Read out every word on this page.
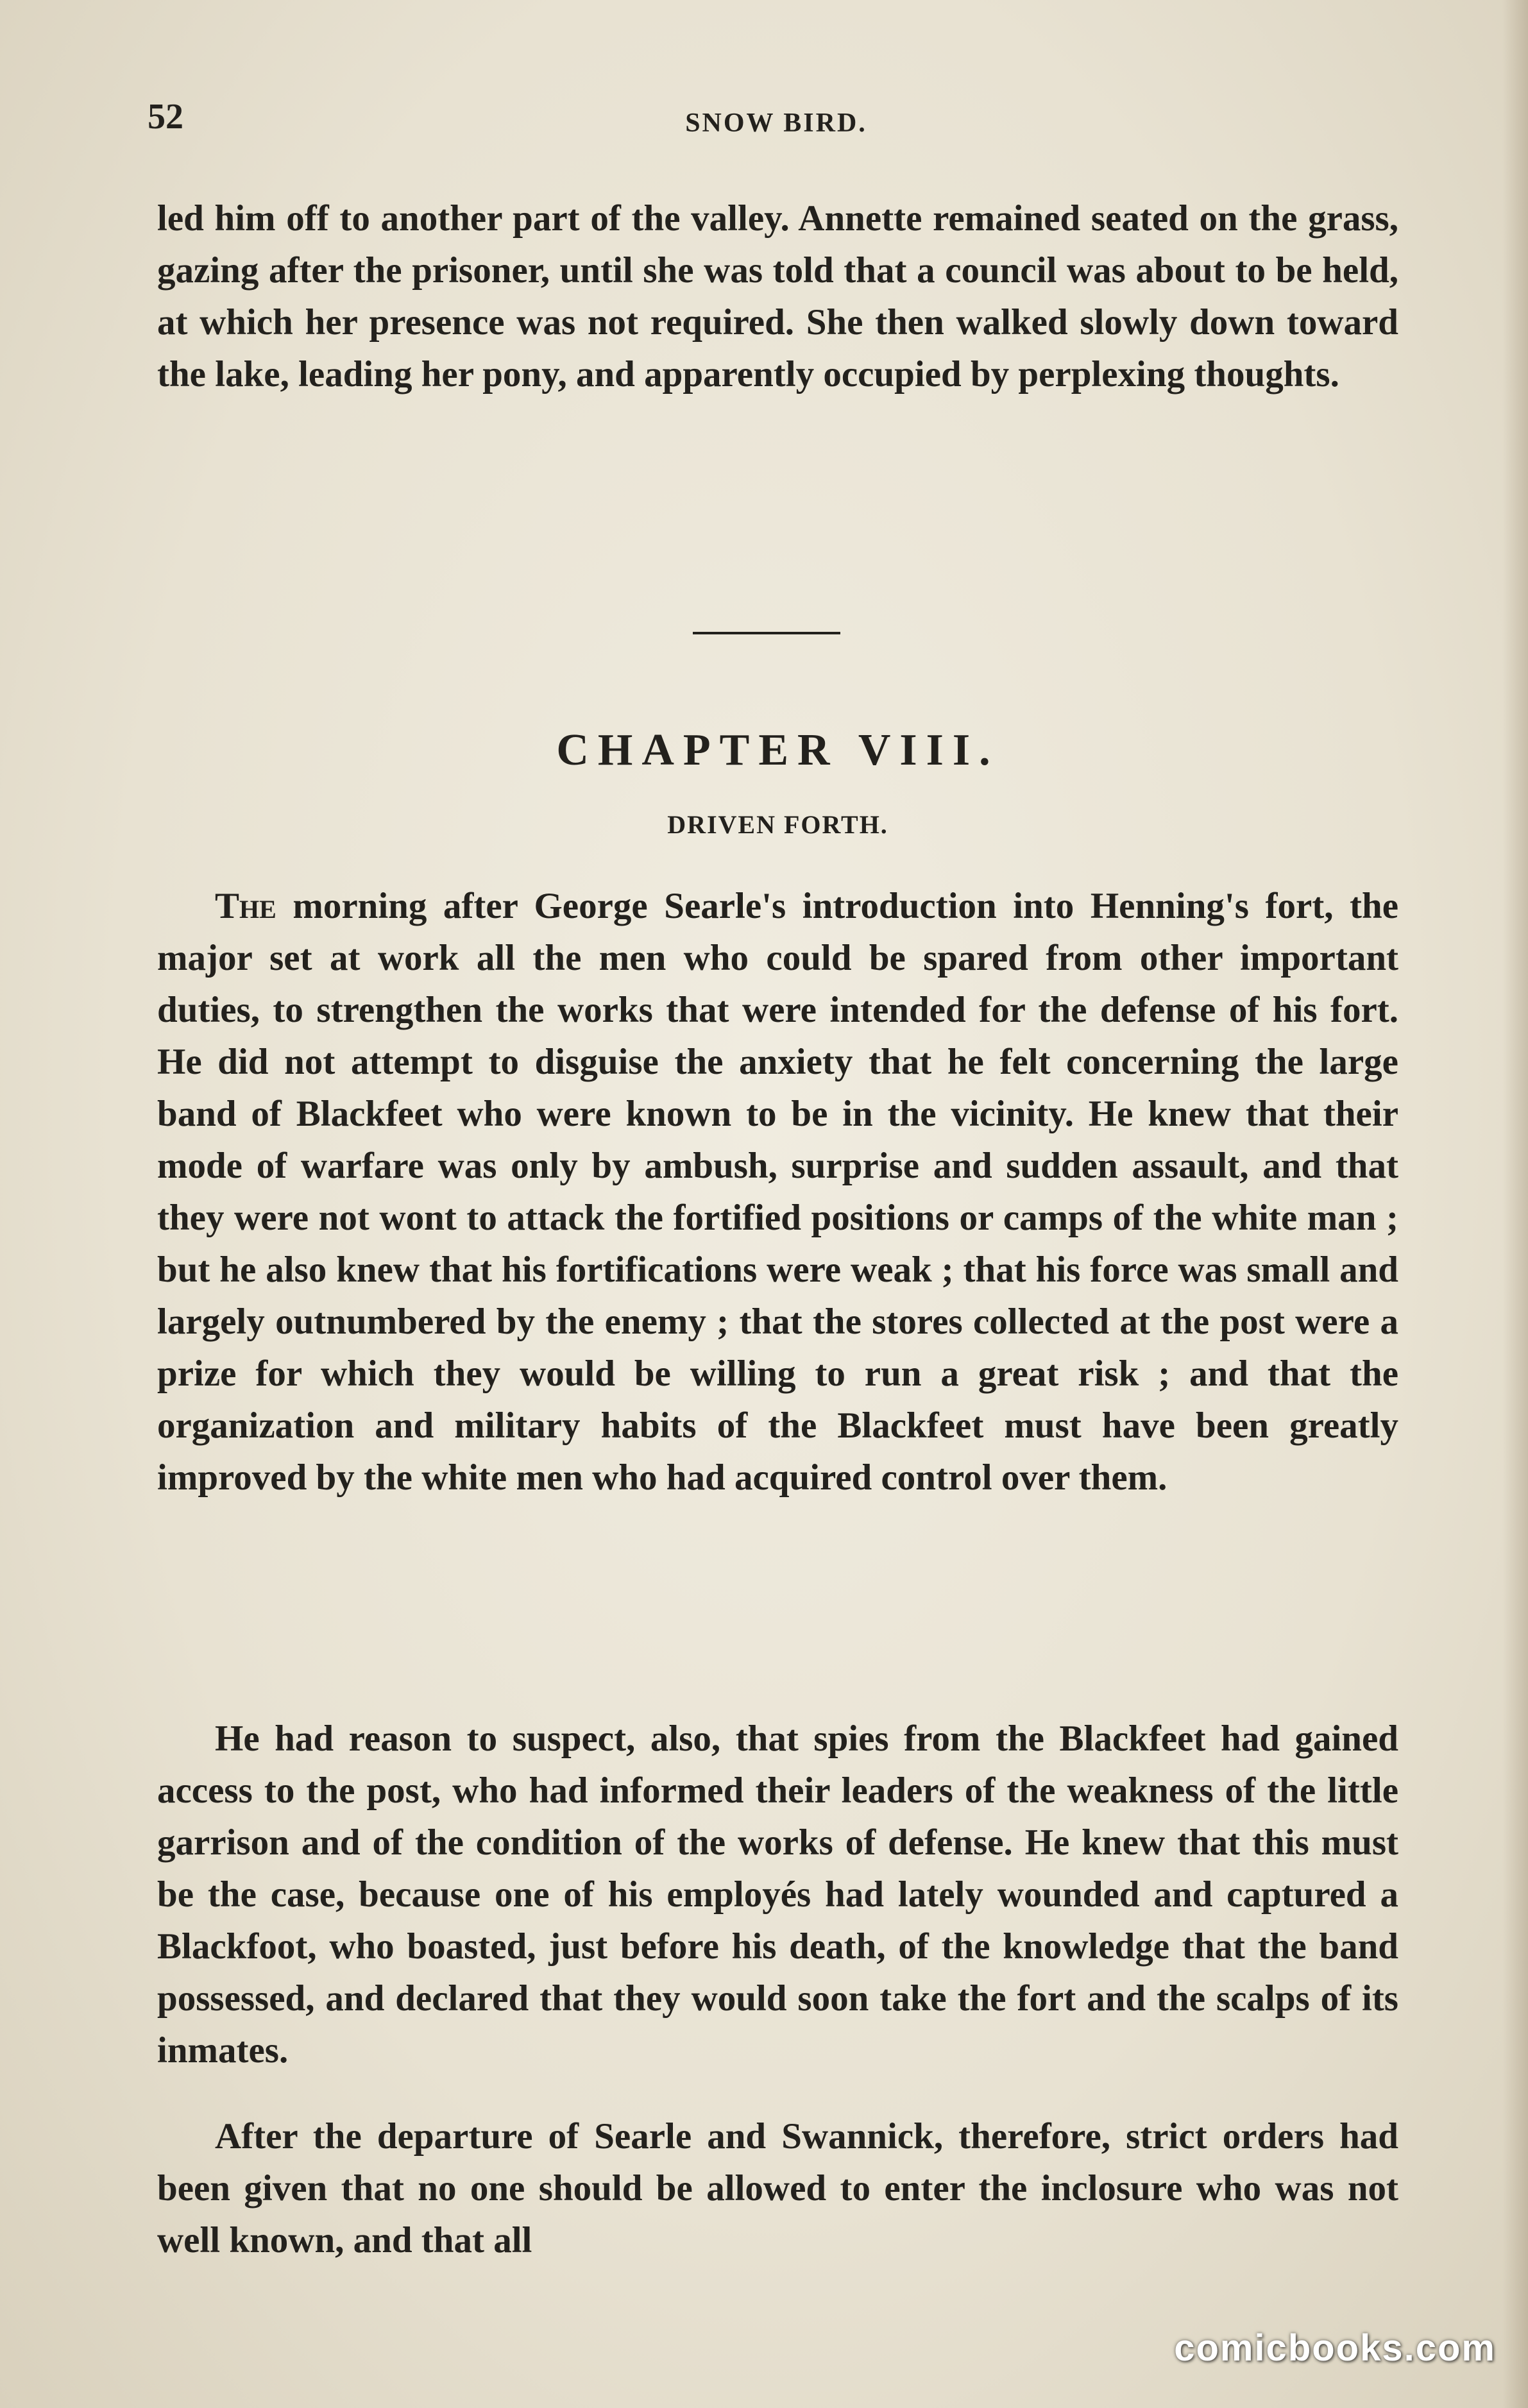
52	SNOW BIRD.

led him off to another part of the valley. Annette remained seated on the grass, gazing after the prisoner, until she was told that a council was about to be held, at which her presence was not required. She then walked slowly down toward the lake, leading her pony, and apparently occupied by perplexing thoughts.

CHAPTER VIII.
DRIVEN FORTH.

The morning after George Searle's introduction into Henning's fort, the major set at work all the men who could be spared from other important duties, to strengthen the works that were intended for the defense of his fort. He did not attempt to disguise the anxiety that he felt concerning the large band of Blackfeet who were known to be in the vicinity. He knew that their mode of warfare was only by ambush, surprise and sudden assault, and that they were not wont to attack the fortified positions or camps of the white man ; but he also knew that his fortifications were weak ; that his force was small and largely outnumbered by the enemy ; that the stores collected at the post were a prize for which they would be willing to run a great risk ; and that the organization and military habits of the Blackfeet must have been greatly improved by the white men who had acquired control over them.

He had reason to suspect, also, that spies from the Blackfeet had gained access to the post, who had informed their leaders of the weakness of the little garrison and of the condition of the works of defense. He knew that this must be the case, because one of his employés had lately wounded and captured a Blackfoot, who boasted, just before his death, of the knowledge that the band possessed, and declared that they would soon take the fort and the scalps of its inmates.

After the departure of Searle and Swannick, therefore, strict orders had been given that no one should be allowed to enter the inclosure who was not well known, and that all

comicbooks.com
